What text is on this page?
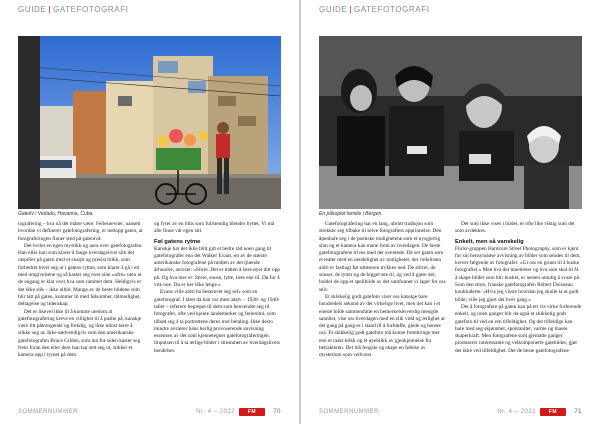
GUIDE | GATEFOTOGRAFI
Gatelív i Vedado, Havanna, Cuba.

tografering – hva nå det måtte være. Fellesnevner, uansett hvordan vi definerer gatefotografering, er nettopp gaten, at fotograferingen finner sted på gatenivå.

Det hviler en egen mystikk og aura over gatefotografen. Han eller hun som klarer å fange hverdagslivet slik det utspiller på gaten med et skarpt og presist blikk, som forbedret hiver seg ut i gatens rytme, som klarer å gå i ett med omgivelsene og så kaster seg over sine «ofre» uten at de engang er klar over hva som rammet dem. Heldigvis er det ikke slik – ikke alltid. Mange av de beste bildene som blir tatt på gaten, kommer til med følsomhet, tålmodighet, deltagelse og lidenskap.

Det er likevel ikke til å komme utenom at gatefotografering kreve en villighet til å pushe på, kanskje være litt påtrengende og frekdig, og ikke minst tørre å stikke seg ut. Ikke nødvendigvis som den amerikanske gatefotografen Bruce Gilden, som inn fra siden kaster seg frem foran den eller dem han har sett seg ut, stikker et kamera opp i trynet på dem

og fyrer av en blits som fullstendig blender byttet. Vi må alle finne vår egen stil.

Føl gatens rytme

Kanskje har det ikke blitt gitt et bedre råd noen gang til gatefotografer enn det Walker Evans, en av de største amerikanske fotografene på midten av det tjuende århundre, anviste: «Stirre. Det er måten å lære øyet ditt opp på. Og hva mer er: Stirre, snuse, lytte, lære ene til. Dø for å vite noe. Du er her ikke lenge.»

Evans ville aldri ha beskrevet seg selv som en gatefotograf. I tåret da han var mest aktiv – 1930- og 1940-tallet – referere begrepet til dem som henvendte seg til fotografer, ofte ved kjente landemerker og ferieréml, som tilbød seg å ta portrettene deres mot betaling. Ikke desto mindre avslører hans herlig provoserende anvisning essensen av det som kjennetegner gatefotograferingen: Impulsen til å ta ærlige bilder i strømmen av hverdagslivets hendelser.

SOMMERNUMMER	Nr. 4 – 2022	FM FOTOGRAFI
70
GUIDE | GATEFOTOGRAFI
En påkoplet familie i Bergen.

Gatefotografering har en lang, ubrutt tradisjon som strekker seg tilbake til selve fotografiets opprinnelse. Den åpenbare seg i de poetiske mulighetene som et nysgjerrig sinn og et kamera kan mane frem av hverdagen. De beste gatefotografene trives med det uventede. De ser gaten som et teater med en uendelighet av muligheter, der rollelisten aldri er fastlagt før utløseren trykkes ned. De stirrer, de snuser, de lytter og de legger øre til, og ved å gjøre det, holder de opp et speilbilde av det samfunnet vi lager for oss selv.

Et skikkelig godt gatefoto viser oss kanskje bare hundredels sekund av det virkelige livet, men det kan i et eneste bilde sammenfatte en bemerkelsesverdig mengde sannhet, vise oss hverdagen med en slik vidd og ærlighet at det gang på gang er i stand til å forbløffe, glede og berøre oss. Et skikkelig godt gatefoto må kunne frembringe mer enn et raskt blikk og et øyeblikk av gjenkjennelse fra betrakteren. Det må fengsle og skape en følelse av mysterium som vedvarer.

Det som ikke vises i bildet, er ofte like viktig som det som avdekkes.

Enkelt, men så vanskelig

Flickr-gruppen Hardcore Street Photography, som er kjent for sin hensynsløse avvisning av bilder som sendes til dem, krever følgende av fotografer: «Gi oss en grunn til å huske fotografiet.» Men hva det innebærer og hva som skal til få å skape bilder som blir husket, er nesten umulig å svare på. Som den store, franske gatefotografen Robert Doisneau konkluderte: «Hvis jeg visste hvordan jeg skulle ta et godt bilde, ville jeg gjort det hver gang.»

Det å fotografere på gaten kan på ett vis virke forferende enkelt, og noen ganger blir da også et skikkelig godt gatefoto til ved en ren tilfeldighet. Og det tilfeldige kan bare med seg skjønnhet, spontanitet, varme og masse skaperkraft. Men fotografene som gjentatte ganger produserer interessante og velkomponerte gatebilder, gjør det ikke ved tilfeldighet. Det de beste gatefotografene

SOMMERNUMMER	Nr. 4 – 2022	FM FOTOGRAFI
71
